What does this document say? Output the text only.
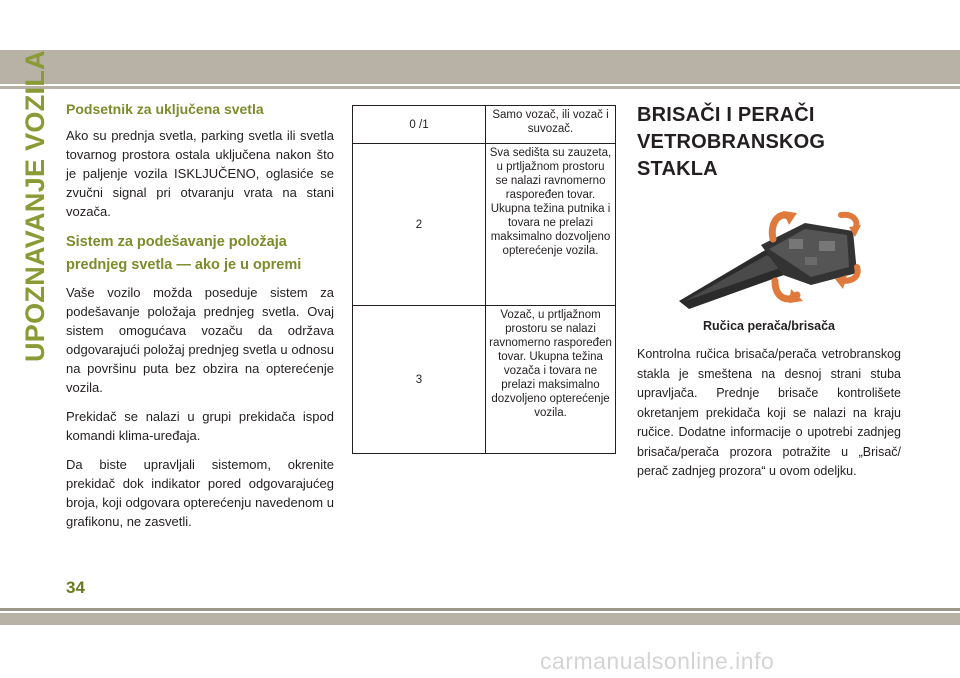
UPOZNAVANJE VOZILA Podsetnik za uključena svetla

Ako su prednja svetla, parking svetla ili svetla tovarnog prostora ostala uključena nakon što je paljenje vozila ISKLJUČENO, oglasiće se zvučni signal pri otvaranju vrata na stani vozača.

Sistem za podešavanje položaja prednjeg svetla — ako je u opremi

Vaše vozilo možda poseduje sistem za podešavanje položaja prednjeg svetla. Ovaj sistem omogućava vozaču da održava odgovarajući položaj prednjeg svetla u odnosu na površinu puta bez obzira na opterećenje vozila.

Prekidač se nalazi u grupi prekidača ispod komandi klima-uređaja.

Da biste upravljali sistemom, okrenite prekidač dok indikator pored odgovarajućeg broja, koji odgovara opterećenju navedenom u grafikonu, ne zasvetli.

0 /1	Samo vozač, ili vozač i suvozač.
2	Sva sedišta su zauzeta, u prtljažnom prostoru se nalazi ravnomerno raspoređen tovar. Ukupna težina putnika i tovara ne prelazi maksimalno dozvoljeno opterećenje vozila.
3	Vozač, u prtljažnom prostoru se nalazi ravnomerno raspoređen tovar. Ukupna težina vozača i tovara ne prelazi maksimalno dozvoljeno opterećenje vozila.
BRISAČI I PERAČI VETROBRANSKOG STAKLA
Ručica perača/brisača

Kontrolna ručica brisača/perača vetrobranskog stakla je smeštena na desnoj strani stuba upravljača. Prednje brisače kontrolišete okretanjem prekidača koji se nalazi na kraju ručice. Dodatne informacije o upotrebi zadnjeg brisača/perača prozora potražite u „Brisač/ perač zadnjeg prozora“ u ovom odeljku.

34
carmanualsonline.info
